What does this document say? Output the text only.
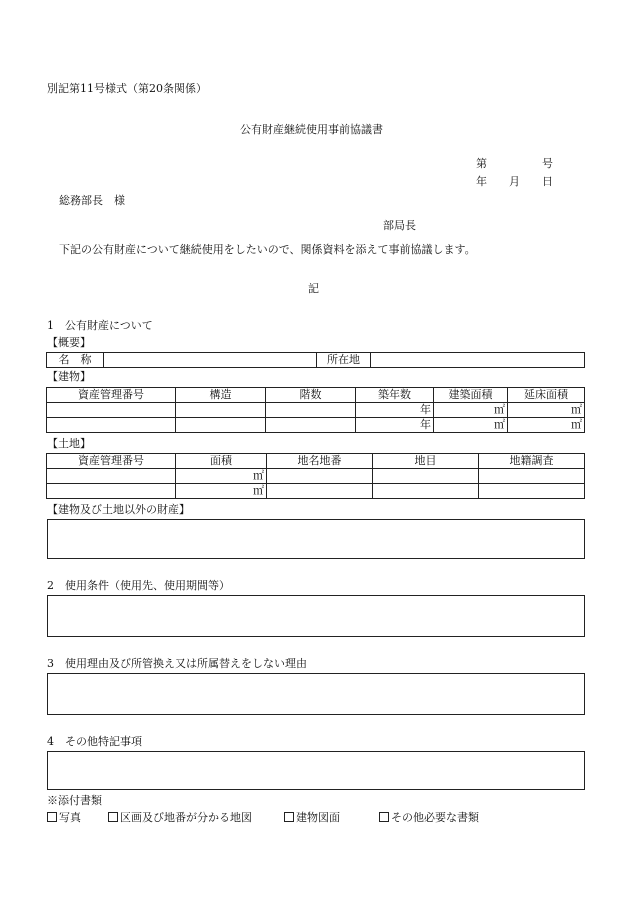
別記第11号様式（第20条関係）
公有財産継続使用事前協議書
第　　　　　号
年　　月　　日
総務部長　様
部局長
下記の公有財産について継続使用をしたいので、関係資料を添えて事前協議します。
記
1　公有財産について
【概要】
名　称		所在地	
【建物】
資産管理番号	構造	階数	築年数	建築面積	延床面積
			年	㎡	㎡
			年	㎡	㎡
【土地】
資産管理番号	面積	地名地番	地目	地籍調査
	㎡			
	㎡			
【建物及び土地以外の財産】
2　使用条件（使用先、使用期間等）
3　使用理由及び所管換え又は所属替えをしない理由
4　その他特記事項
※添付書類
写真	区画及び地番が分かる地図	建物図面	その他必要な書類
